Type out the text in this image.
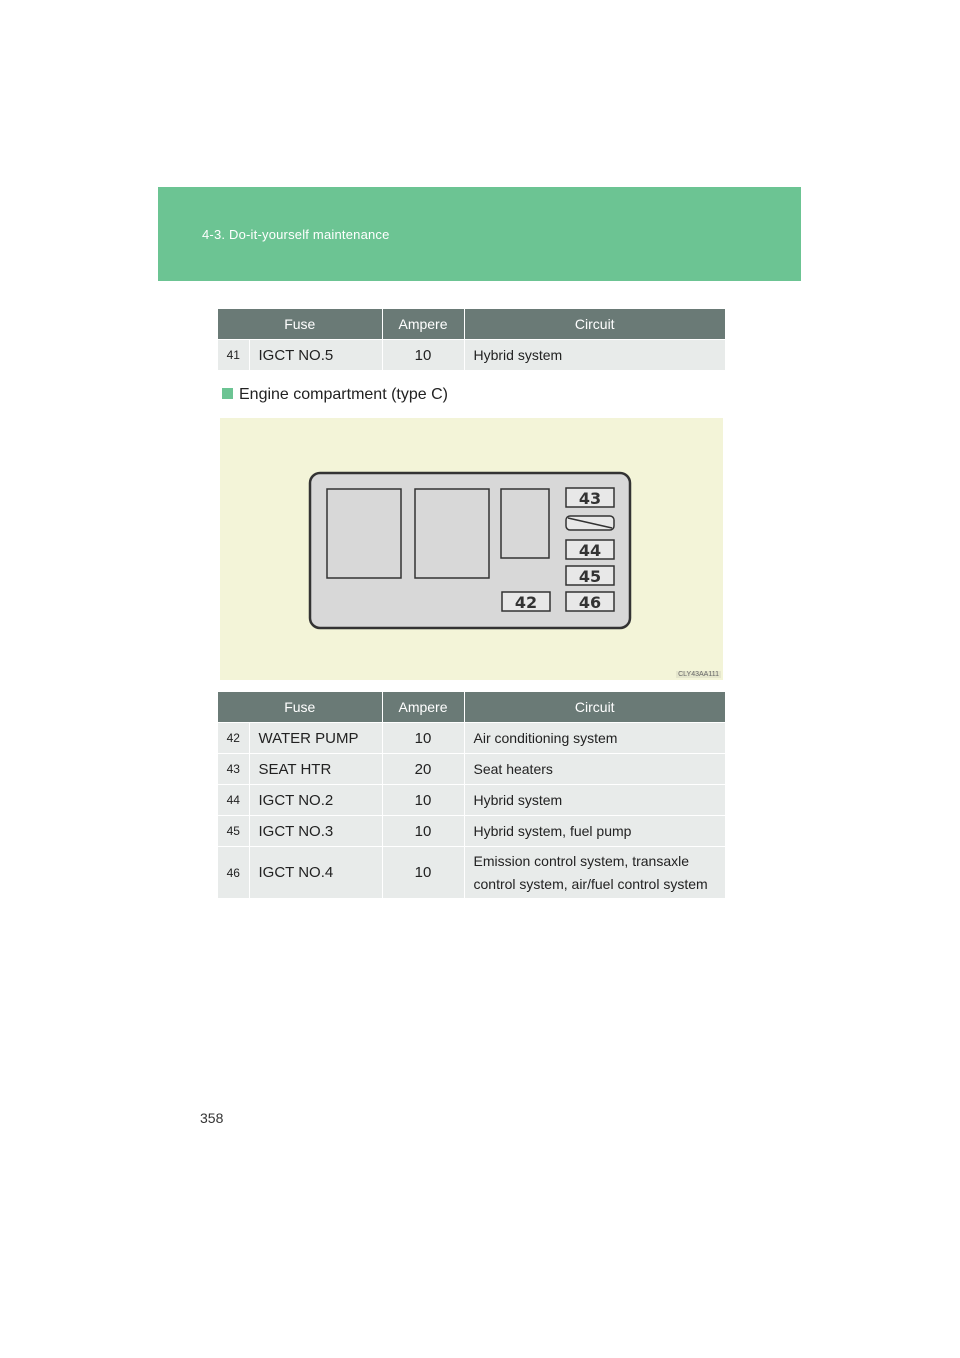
4-3. Do-it-yourself maintenance
Fuse		Ampere	Circuit
41	IGCT NO.5	10	Hybrid system
Engine compartment (type C)
43
44
45
46
42
CLY43AA111
Fuse		Ampere	Circuit
42	WATER PUMP	10	Air conditioning system
43	SEAT HTR	20	Seat heaters
44	IGCT NO.2	10	Hybrid system
45	IGCT NO.3	10	Hybrid system, fuel pump
46	IGCT NO.4	10	Emission control system, transaxle
control system, air/fuel control system
358
